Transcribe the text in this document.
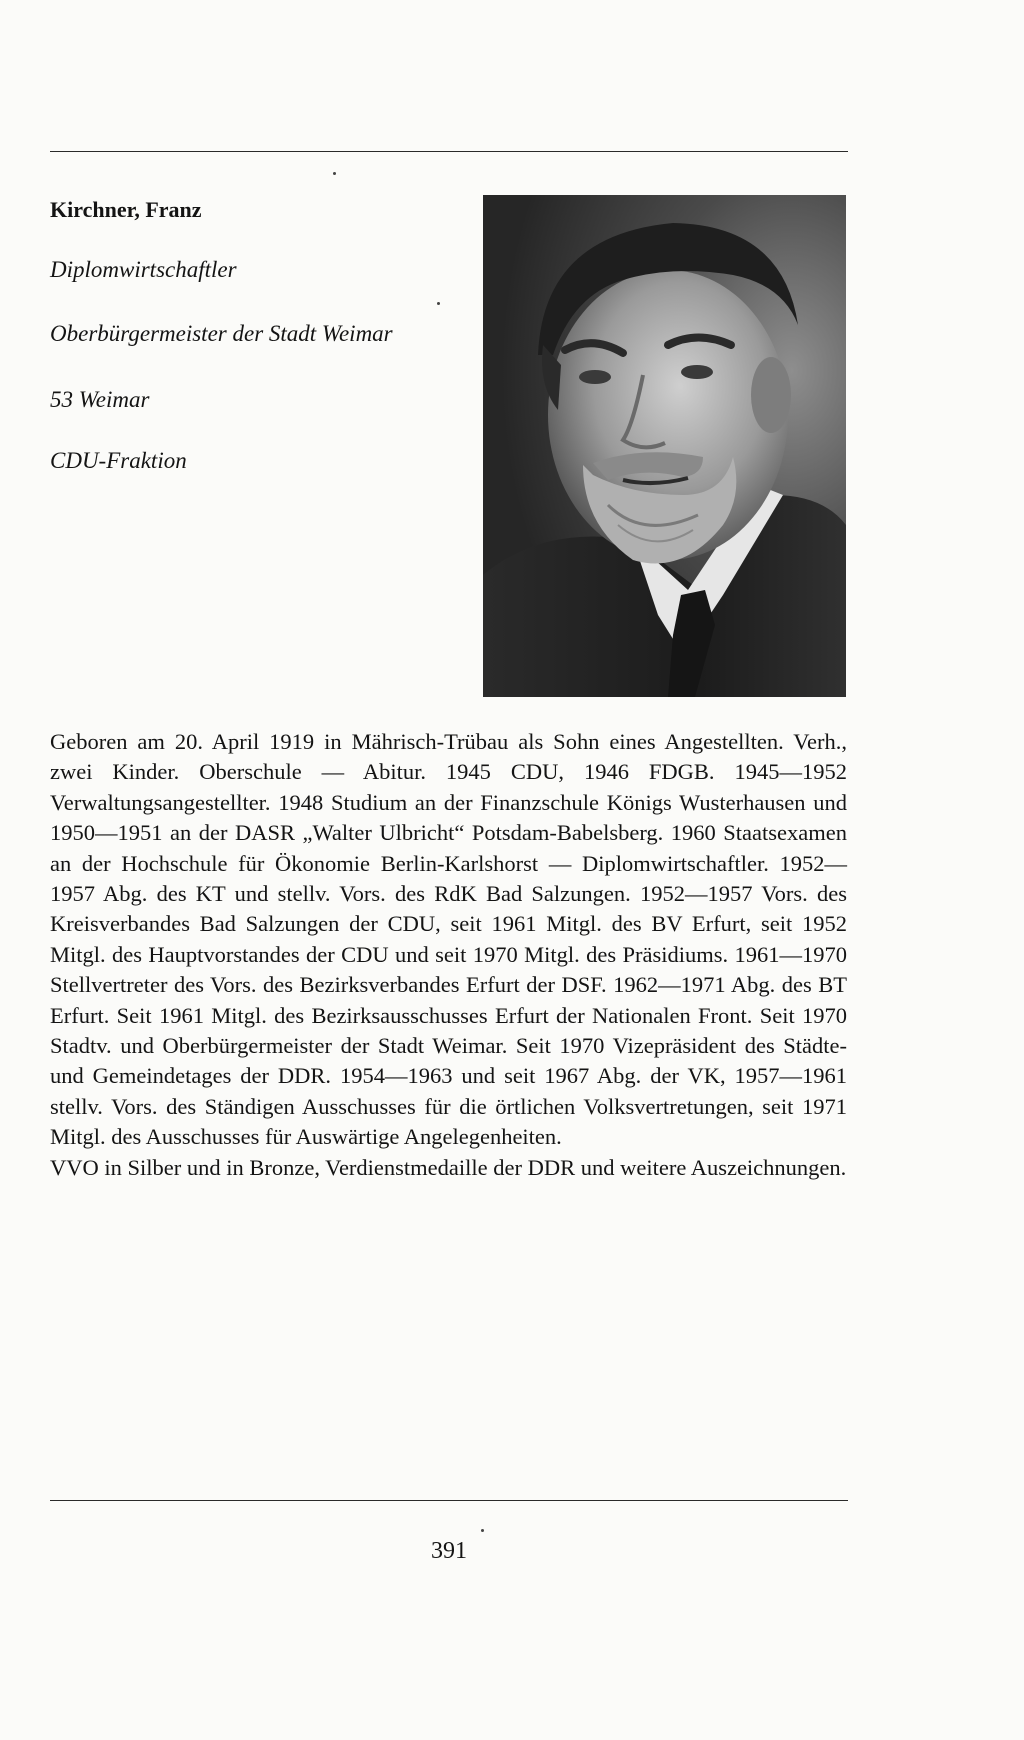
Kirchner, Franz

Diplomwirtschaftler

Oberbürgermeister der Stadt Weimar

53 Weimar

CDU-Fraktion

Geboren am 20. April 1919 in Mährisch-Trübau als Sohn eines Angestellten. Verh., zwei Kinder. Oberschule — Abitur. 1945 CDU, 1946 FDGB. 1945—1952 Verwaltungsangestellter. 1948 Studium an der Finanzschule Königs Wusterhausen und 1950—1951 an der DASR „Walter Ulbricht“ Potsdam-Babelsberg. 1960 Staatsexamen an der Hochschule für Ökonomie Berlin-Karlshorst — Diplomwirtschaftler. 1952—1957 Abg. des KT und stellv. Vors. des RdK Bad Salzungen. 1952—1957 Vors. des Kreisverbandes Bad Salzungen der CDU, seit 1961 Mitgl. des BV Erfurt, seit 1952 Mitgl. des Hauptvorstandes der CDU und seit 1970 Mitgl. des Präsidiums. 1961—1970 Stellvertreter des Vors. des Bezirksverbandes Erfurt der DSF. 1962—1971 Abg. des BT Erfurt. Seit 1961 Mitgl. des Bezirksausschusses Erfurt der Nationalen Front. Seit 1970 Stadtv. und Oberbürgermeister der Stadt Weimar. Seit 1970 Vizepräsident des Städte- und Gemeindetages der DDR. 1954—1963 und seit 1967 Abg. der VK, 1957—1961 stellv. Vors. des Ständigen Ausschusses für die örtlichen Volksvertretungen, seit 1971 Mitgl. des Ausschusses für Auswärtige Angelegenheiten.

VVO in Silber und in Bronze, Verdienstmedaille der DDR und weitere Auszeichnungen.

391
